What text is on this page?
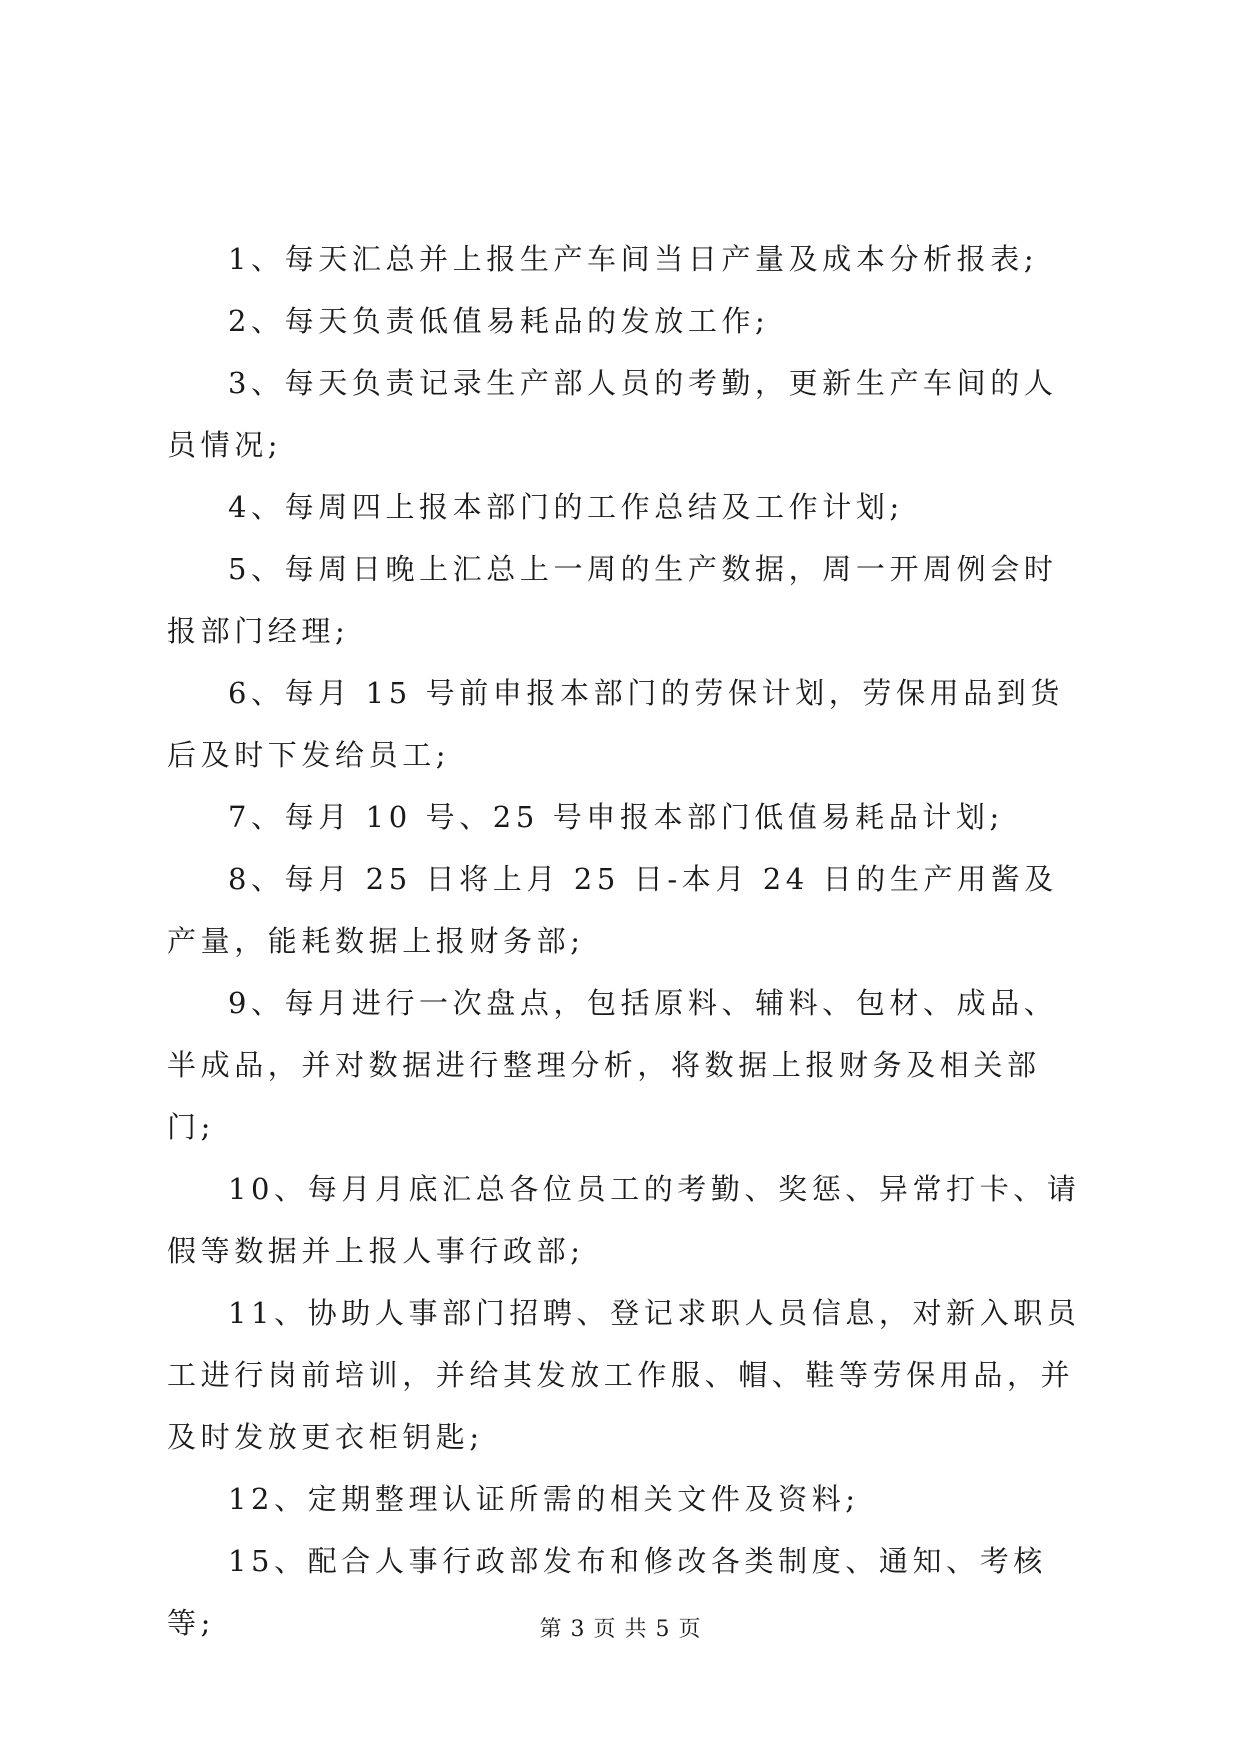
1、每天汇总并上报生产车间当日产量及成本分析报表;

2、每天负责低值易耗品的发放工作;

3、每天负责记录生产部人员的考勤，更新生产车间的人员情况;

4、每周四上报本部门的工作总结及工作计划;

5、每周日晚上汇总上一周的生产数据，周一开周例会时报部门经理;

6、每月 15 号前申报本部门的劳保计划，劳保用品到货后及时下发给员工;

7、每月 10 号、25 号申报本部门低值易耗品计划;

8、每月 25 日将上月 25 日-本月 24 日的生产用酱及产量，能耗数据上报财务部;

9、每月进行一次盘点，包括原料、辅料、包材、成品、半成品，并对数据进行整理分析，将数据上报财务及相关部门;

10、每月月底汇总各位员工的考勤、奖惩、异常打卡、请假等数据并上报人事行政部;

11、协助人事部门招聘、登记求职人员信息，对新入职员工进行岗前培训，并给其发放工作服、帽、鞋等劳保用品，并及时发放更衣柜钥匙;

12、定期整理认证所需的相关文件及资料;

15、配合人事行政部发布和修改各类制度、通知、考核等;	第 3 页 共 5 页
